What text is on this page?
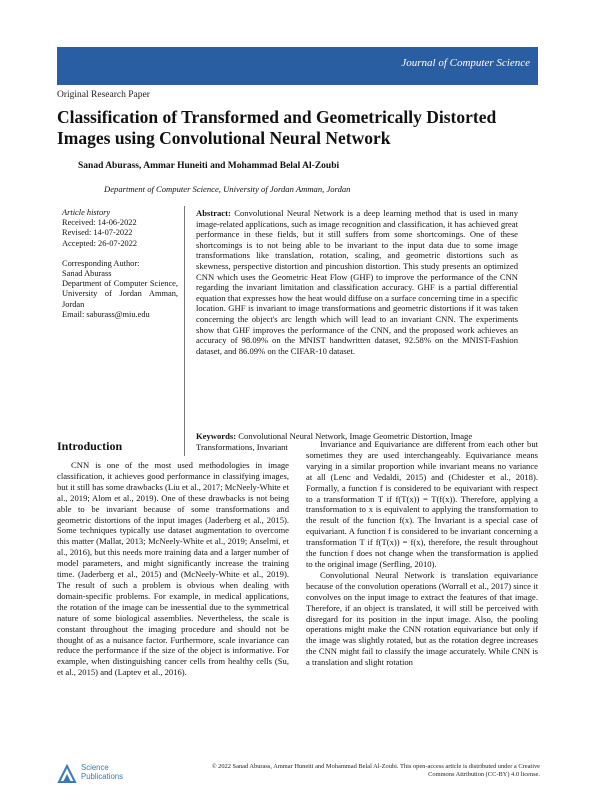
Journal of Computer Science
Original Research Paper
Classification of Transformed and Geometrically Distorted Images using Convolutional Neural Network
Sanad Aburass, Ammar Huneiti and Mohammad Belal Al-Zoubi
Department of Computer Science, University of Jordan Amman, Jordan
Article history
Received: 14-06-2022
Revised: 14-07-2022
Accepted: 26-07-2022
Corresponding Author:
Sanad Aburass
Department of Computer Science, University of Jordan Amman, Jordan
Email: saburass@miu.edu
Abstract: Convolutional Neural Network is a deep learning method that is used in many image-related applications, such as image recognition and classification, it has achieved great performance in these fields, but it still suffers from some shortcomings. One of these shortcomings is to not being able to be invariant to the input data due to some image transformations like translation, rotation, scaling, and geometric distortions such as skewness, perspective distortion and pincushion distortion. This study presents an optimized CNN which uses the Geometric Heat Flow (GHF) to improve the performance of the CNN regarding the invariant limitation and classification accuracy. GHF is a partial differential equation that expresses how the heat would diffuse on a surface concerning time in a specific location. GHF is invariant to image transformations and geometric distortions if it was taken concerning the object's arc length which will lead to an invariant CNN. The experiments show that GHF improves the performance of the CNN, and the proposed work achieves an accuracy of 98.09% on the MNIST handwritten dataset, 92.58% on the MNIST-Fashion dataset, and 86.09% on the CIFAR-10 dataset.
Keywords: Convolutional Neural Network, Image Geometric Distortion, Image Transformations, Invariant
Introduction

CNN is one of the most used methodologies in image classification, it achieves good performance in classifying images, but it still has some drawbacks (Liu et al., 2017; McNeely-White et al., 2019; Alom et al., 2019). One of these drawbacks is not being able to be invariant because of some transformations and geometric distortions of the input images (Jaderberg et al., 2015). Some techniques typically use dataset augmentation to overcome this matter (Mallat, 2013; McNeely-White et al., 2019; Anselmi, et al., 2016), but this needs more training data and a larger number of model parameters, and might significantly increase the training time. (Jaderberg et al., 2015) and (McNeely-White et al., 2019). The result of such a problem is obvious when dealing with domain-specific problems. For example, in medical applications, the rotation of the image can be inessential due to the symmetrical nature of some biological assemblies. Nevertheless, the scale is constant throughout the imaging procedure and should not be thought of as a nuisance factor. Furthermore, scale invariance can reduce the performance if the size of the object is informative. For example, when distinguishing cancer cells from healthy cells (Su, et al., 2015) and (Laptev et al., 2016).

Invariance and Equivariance are different from each other but sometimes they are used interchangeably. Equivariance means varying in a similar proportion while invariant means no variance at all (Lenc and Vedaldi, 2015) and (Chidester et al., 2018). Formally, a function f is considered to be equivariant with respect to a transformation T if f(T(x)) = T(f(x)). Therefore, applying a transformation to x is equivalent to applying the transformation to the result of the function f(x). The Invariant is a special case of equivariant. A function f is considered to be invariant concerning a transformation T if f(T(x)) = f(x), therefore, the result throughout the function f does not change when the transformation is applied to the original image (Serfling, 2010).

Convolutional Neural Network is translation equivariance because of the convolution operations (Worrall et al., 2017) since it convolves on the input image to extract the features of that image. Therefore, if an object is translated, it will still be perceived with disregard for its position in the input image. Also, the pooling operations might make the CNN rotation equivariance but only if the image was slightly rotated, but as the rotation degree increases the CNN might fail to classify the image accurately. While CNN is a translation and slight rotation

Science
Publications
© 2022 Sanad Aburass, Ammar Huneiti and Mohammad Belal Al-Zoubi. This open-access article is distributed under a Creative Commons Attribution (CC-BY) 4.0 license.
